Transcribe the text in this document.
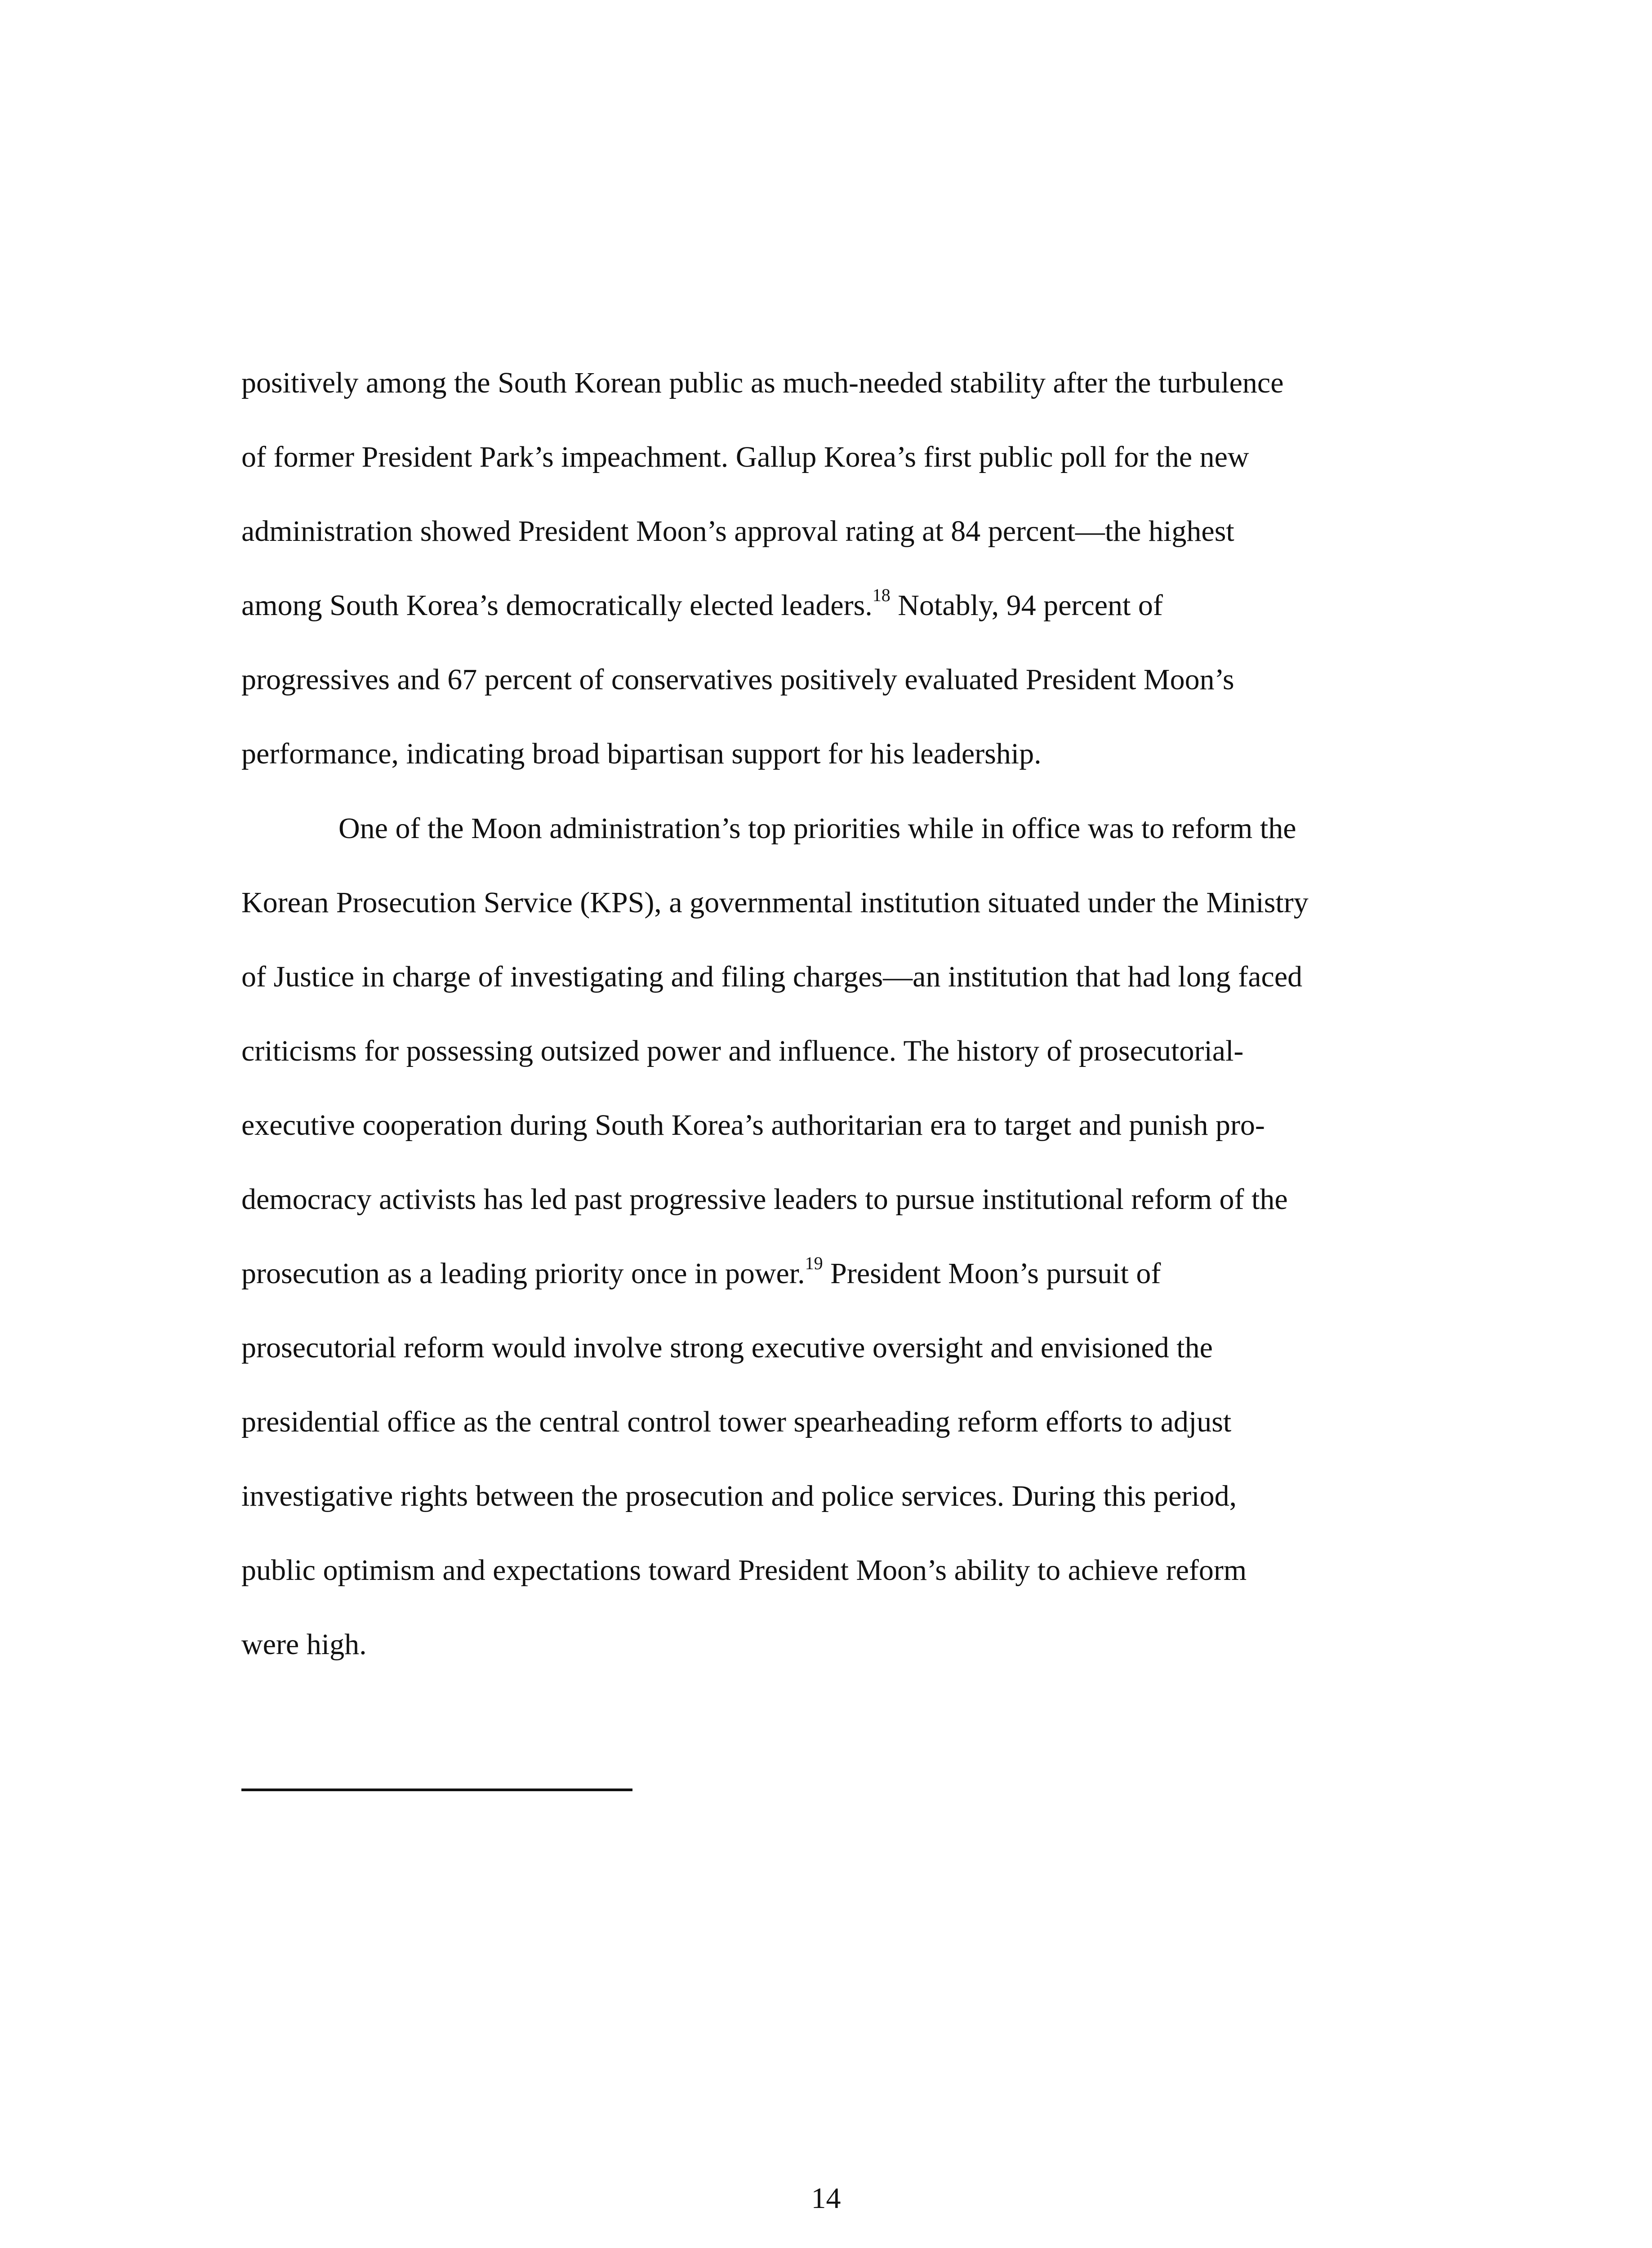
positively among the South Korean public as much-needed stability after the turbulence

of former President Park’s impeachment. Gallup Korea’s first public poll for the new

administration showed President Moon’s approval rating at 84 percent—the highest

among South Korea’s democratically elected leaders.$^{18}$ Notably, 94 percent of

progressives and 67 percent of conservatives positively evaluated President Moon’s

performance, indicating broad bipartisan support for his leadership.

One of the Moon administration’s top priorities while in office was to reform the

Korean Prosecution Service (KPS), a governmental institution situated under the Ministry

of Justice in charge of investigating and filing charges—an institution that had long faced

criticisms for possessing outsized power and influence. The history of prosecutorial-

executive cooperation during South Korea’s authoritarian era to target and punish pro-

democracy activists has led past progressive leaders to pursue institutional reform of the

prosecution as a leading priority once in power.$^{19}$ President Moon’s pursuit of

prosecutorial reform would involve strong executive oversight and envisioned the

presidential office as the central control tower spearheading reform efforts to adjust

investigative rights between the prosecution and police services. During this period,

public optimism and expectations toward President Moon’s ability to achieve reform

were high.

14
